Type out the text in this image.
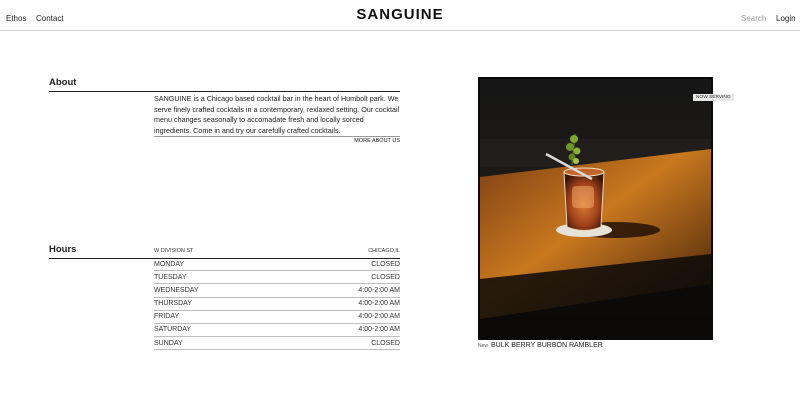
Ethos Contact	SANGUINE	Search Login
About

SANGUINE is a Chicago based cocktail bar in the heart of Humbolt park. We serve finely crafted cocktails in a contemporary, rexlaxed setting. Our cocktail menu changes seasonally to accomadate fresh and locally sorced ingredients. Come in and try our carefully crafted cocktails.

MORE ABOUT US
Hours	W DIVISION ST	CHICAGO,IL
MONDAY	CLOSED
TUESDAY	CLOSED
WEDNESDAY	4:00-2:00 AM
THURSDAY	4:00-2:00 AM
FRIDAY	4:00-2:00 AM
SATURDAY	4:00-2:00 AM
SUNDAY	CLOSED
NOW SERVING
New BULK BERRY BURBON RAMBLER
